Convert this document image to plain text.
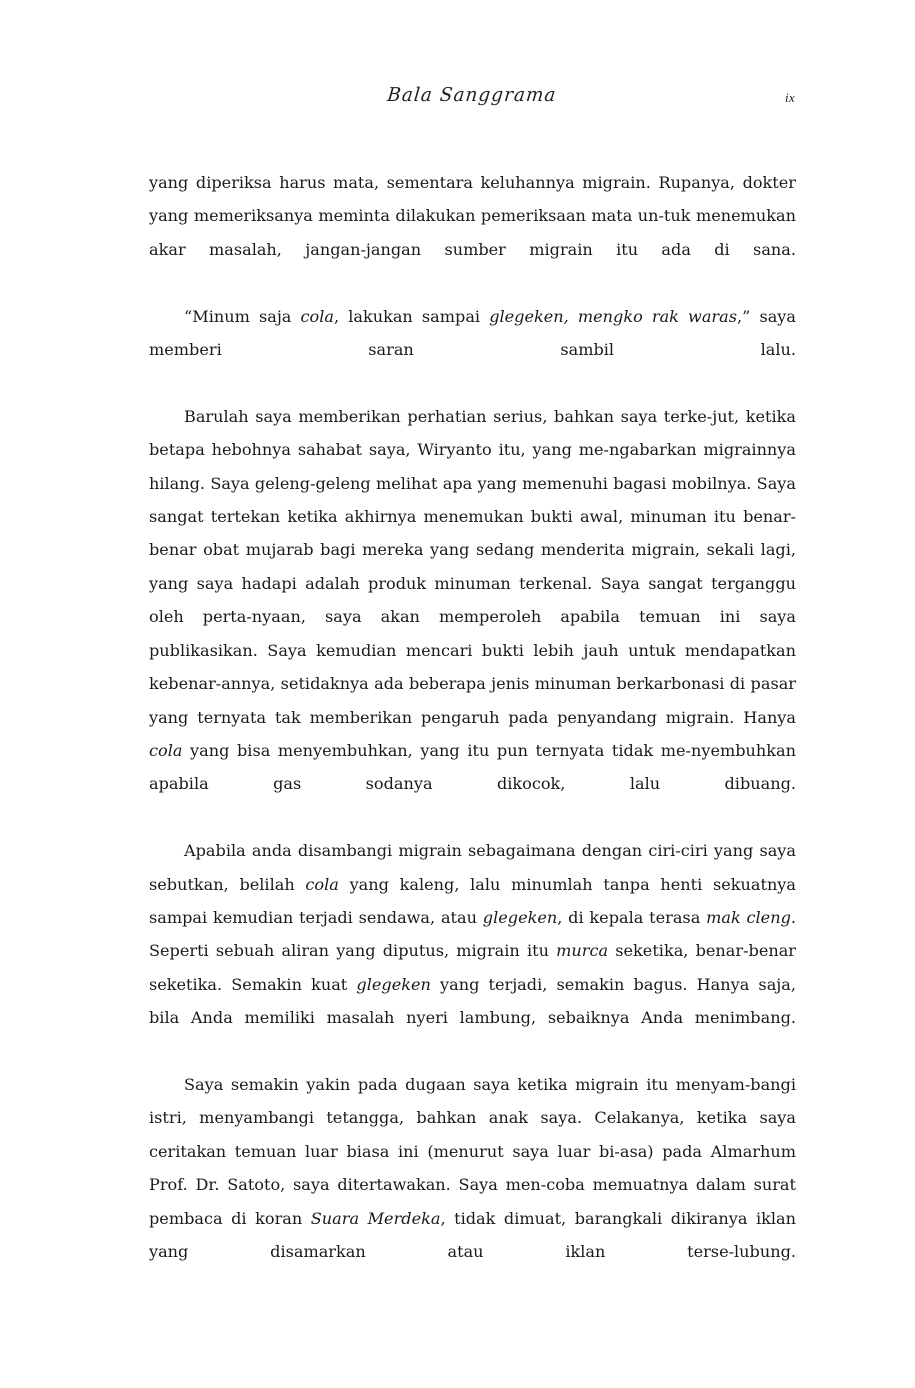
Bala Sanggrama	ix

yang diperiksa harus mata, sementara keluhannya migrain. Rupanya, dokter yang memeriksanya meminta dilakukan pemeriksaan mata un-tuk menemukan akar masalah, jangan-jangan sumber migrain itu ada di sana.

“Minum saja cola, lakukan sampai glegeken, mengko rak waras,” saya memberi saran sambil lalu.

Barulah saya memberikan perhatian serius, bahkan saya terke-jut, ketika betapa hebohnya sahabat saya, Wiryanto itu, yang me-ngabarkan migrainnya hilang. Saya geleng-geleng melihat apa yang memenuhi bagasi mobilnya. Saya sangat tertekan ketika akhirnya menemukan bukti awal, minuman itu benar-benar obat mujarab bagi mereka yang sedang menderita migrain, sekali lagi, yang saya hadapi adalah produk minuman terkenal. Saya sangat terganggu oleh perta-nyaan, saya akan memperoleh apabila temuan ini saya publikasikan. Saya kemudian mencari bukti lebih jauh untuk mendapatkan kebenar-annya, setidaknya ada beberapa jenis minuman berkarbonasi di pasar yang ternyata tak memberikan pengaruh pada penyandang migrain. Hanya cola yang bisa menyembuhkan, yang itu pun ternyata tidak me-nyembuhkan apabila gas sodanya dikocok, lalu dibuang.

Apabila anda disambangi migrain sebagaimana dengan ciri-ciri yang saya sebutkan, belilah cola yang kaleng, lalu minumlah tanpa henti sekuatnya sampai kemudian terjadi sendawa, atau glegeken, di kepala terasa mak cleng. Seperti sebuah aliran yang diputus, migrain itu murca seketika, benar-benar seketika. Semakin kuat glegeken yang terjadi, semakin bagus. Hanya saja, bila Anda memiliki masalah nyeri lambung, sebaiknya Anda menimbang.

Saya semakin yakin pada dugaan saya ketika migrain itu menyam-bangi istri, menyambangi tetangga, bahkan anak saya. Celakanya, ketika saya ceritakan temuan luar biasa ini (menurut saya luar bi-asa) pada Almarhum Prof. Dr. Satoto, saya ditertawakan. Saya men-coba memuatnya dalam surat pembaca di koran Suara Merdeka, tidak dimuat, barangkali dikiranya iklan yang disamarkan atau iklan terse-lubung.
